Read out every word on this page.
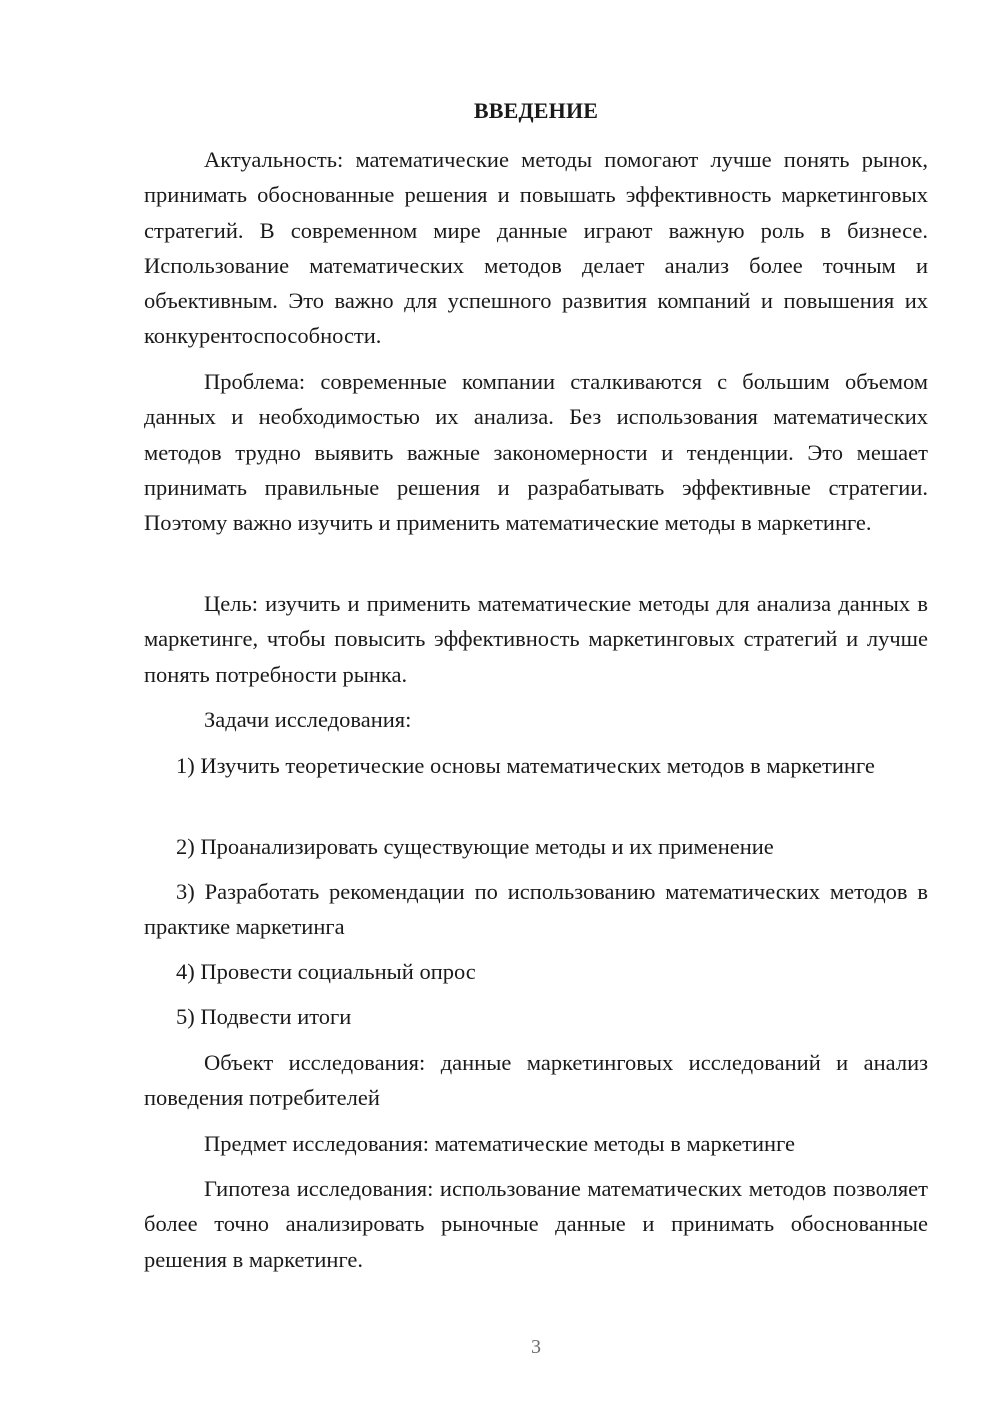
ВВЕДЕНИЕ

Актуальность: математические методы помогают лучше понять рынок, принимать обоснованные решения и повышать эффективность маркетинговых стратегий. В современном мире данные играют важную роль в бизнесе. Использование математических методов делает анализ более точным и объективным. Это важно для успешного развития компаний и повышения их конкурентоспособности.

Проблема: современные компании сталкиваются с большим объемом данных и необходимостью их анализа. Без использования математических методов трудно выявить важные закономерности и тенденции. Это мешает принимать правильные решения и разрабатывать эффективные стратегии. Поэтому важно изучить и применить математические методы в маркетинге.

Цель: изучить и применить математические методы для анализа данных в маркетинге, чтобы повысить эффективность маркетинговых стратегий и лучше понять потребности рынка.

Задачи исследования:

1) Изучить теоретические основы математических методов в маркетинге

2) Проанализировать существующие методы и их применение

3) Разработать рекомендации по использованию математических методов в практике маркетинга

4) Провести социальный опрос

5) Подвести итоги

Объект исследования: данные маркетинговых исследований и анализ поведения потребителей

Предмет исследования: математические методы в маркетинге

Гипотеза исследования: использование математических методов позволяет более точно анализировать рыночные данные и принимать обоснованные решения в маркетинге.

3
